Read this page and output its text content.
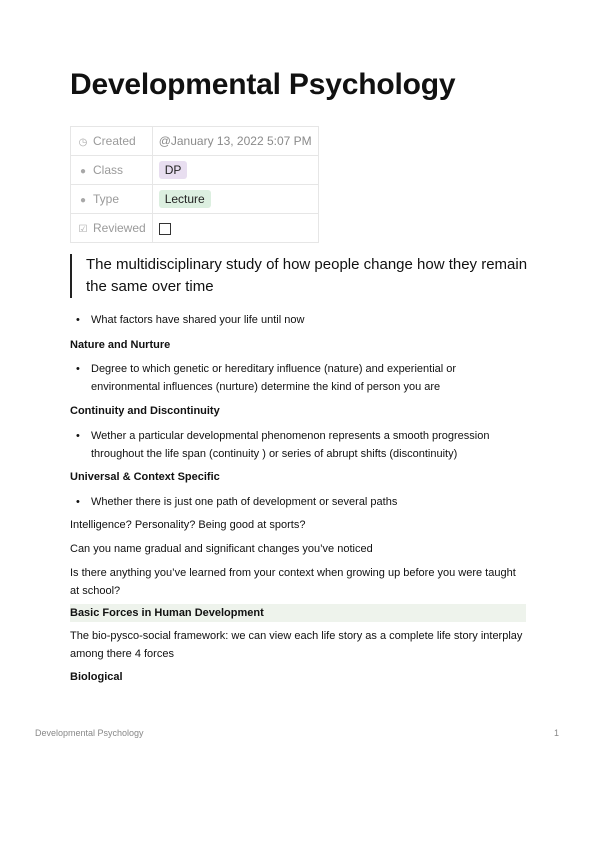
Developmental Psychology
◷ Created	@January 13, 2022 5:07 PM
● Class	DP
● Type	Lecture
☑ Reviewed	
The multidisciplinary study of how people change how they remain the same over time
• What factors have shared your life until now
Nature and Nurture
• Degree to which genetic or hereditary influence (nature) and experiential or environmental influences (nurture) determine the kind of person you are
Continuity and Discontinuity
• Wether a particular developmental phenomenon represents a smooth progression throughout the life span (continuity ) or series of abrupt shifts (discontinuity)
Universal & Context Specific
• Whether there is just one path of development or several paths
Intelligence? Personality? Being good at sports?
Can you name gradual and significant changes you’ve noticed
Is there anything you’ve learned from your context when growing up before you were taught at school?
Basic Forces in Human Development
The bio-pysco-social framework: we can view each life story as a complete life story interplay among there 4 forces
Biological
Developmental Psychology	1
